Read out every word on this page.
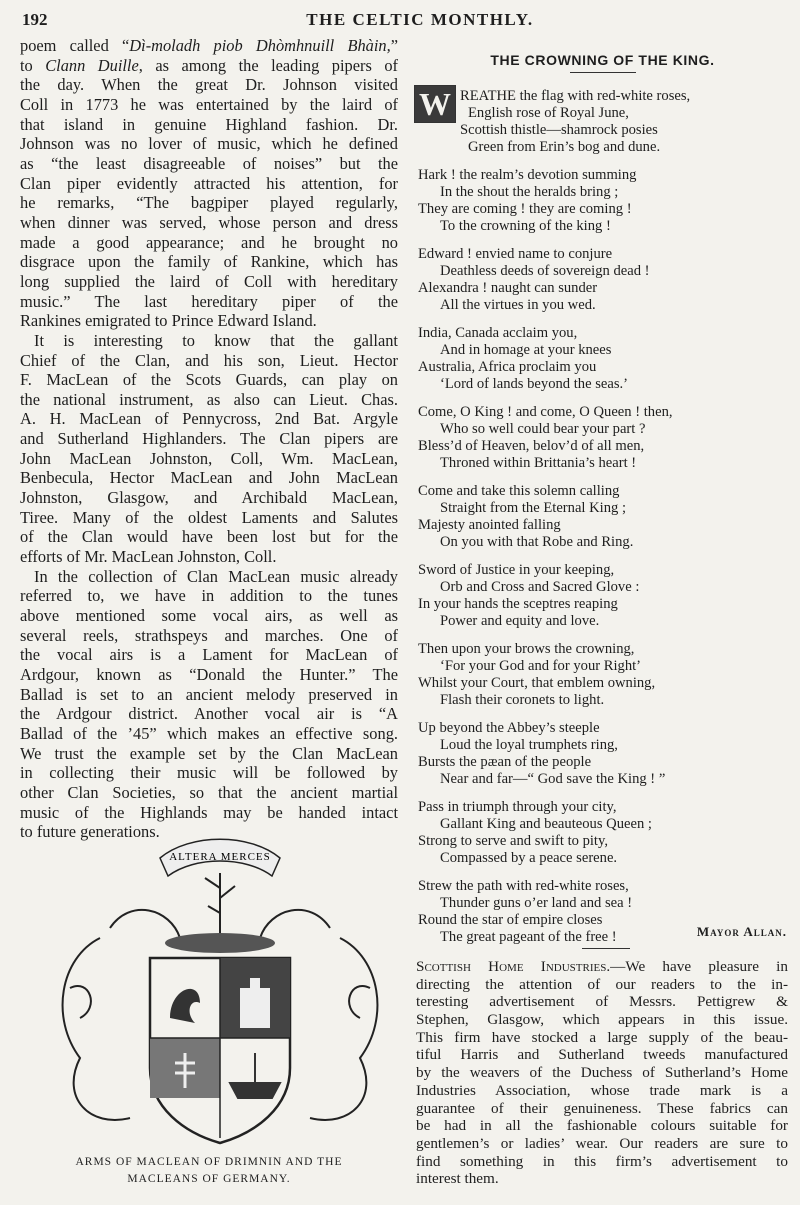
192	THE CELTIC MONTHLY.
poem called “Dì-moladh piob Dhòmhnuill Bhàin,”
to Clann Duille, as among the leading pipers of
the day. When the great Dr. Johnson visited
Coll in 1773 he was entertained by the laird of
that island in genuine Highland fashion. Dr.
Johnson was no lover of music, which he defined
as “the least disagreeable of noises” but the
Clan piper evidently attracted his attention, for
he remarks, “The bagpiper played regularly,
when dinner was served, whose person and dress
made a good appearance; and he brought no
disgrace upon the family of Rankine, which has
long supplied the laird of Coll with hereditary
music.” The last hereditary piper of the
Rankines emigrated to Prince Edward Island.
It is interesting to know that the gallant
Chief of the Clan, and his son, Lieut. Hector
F. MacLean of the Scots Guards, can play on
the national instrument, as also can Lieut. Chas.
A. H. MacLean of Pennycross, 2nd Bat. Argyle
and Sutherland Highlanders. The Clan pipers are
John MacLean Johnston, Coll, Wm. MacLean,
Benbecula, Hector MacLean and John MacLean
Johnston, Glasgow, and Archibald MacLean,
Tiree. Many of the oldest Laments and Salutes
of the Clan would have been lost but for the
efforts of Mr. MacLean Johnston, Coll.
In the collection of Clan MacLean music already
referred to, we have in addition to the tunes
above mentioned some vocal airs, as well as
several reels, strathspeys and marches. One of
the vocal airs is a Lament for MacLean of
Ardgour, known as “Donald the Hunter.” The
Ballad is set to an ancient melody preserved in
the Ardgour district. Another vocal air is “A
Ballad of the ’45” which makes an effective song.
We trust the example set by the Clan MacLean
in collecting their music will be followed by
other Clan Societies, so that the ancient martial
music of the Highlands may be handed intact
to future generations.
ALTERA MERCES
ARMS OF MACLEAN OF DRIMNIN AND THE
MACLEANS OF GERMANY.
THE CROWNING OF THE KING.
W REATHE the flag with red-white roses,
English rose of Royal June,
Scottish thistle—shamrock posies
Green from Erin’s bog and dune.
Hark ! the realm’s devotion summing
In the shout the heralds bring ;
They are coming ! they are coming !
To the crowning of the king !
Edward ! envied name to conjure
Deathless deeds of sovereign dead !
Alexandra ! naught can sunder
All the virtues in you wed.
India, Canada acclaim you,
And in homage at your knees
Australia, Africa proclaim you
‘Lord of lands beyond the seas.’
Come, O King ! and come, O Queen ! then,
Who so well could bear your part ?
Bless’d of Heaven, belov’d of all men,
Throned within Brittania’s heart !
Come and take this solemn calling
Straight from the Eternal King ;
Majesty anointed falling
On you with that Robe and Ring.
Sword of Justice in your keeping,
Orb and Cross and Sacred Glove :
In your hands the sceptres reaping
Power and equity and love.
Then upon your brows the crowning,
‘For your God and for your Right’
Whilst your Court, that emblem owning,
Flash their coronets to light.
Up beyond the Abbey’s steeple
Loud the loyal trumphets ring,
Bursts the pæan of the people
Near and far—“ God save the King ! ”
Pass in triumph through your city,
Gallant King and beauteous Queen ;
Strong to serve and swift to pity,
Compassed by a peace serene.
Strew the path with red-white roses,
Thunder guns o’er land and sea !
Round the star of empire closes
The great pageant of the free !	Mayor Allan.
Scottish Home Industries.—We have pleasure in
directing the attention of our readers to the in-
teresting advertisement of Messrs. Pettigrew &
Stephen, Glasgow, which appears in this issue.
This firm have stocked a large supply of the beau-
tiful Harris and Sutherland tweeds manufactured
by the weavers of the Duchess of Sutherland’s Home
Industries Association, whose trade mark is a
guarantee of their genuineness. These fabrics can
be had in all the fashionable colours suitable for
gentlemen’s or ladies’ wear. Our readers are sure to
find something in this firm’s advertisement to
interest them.
